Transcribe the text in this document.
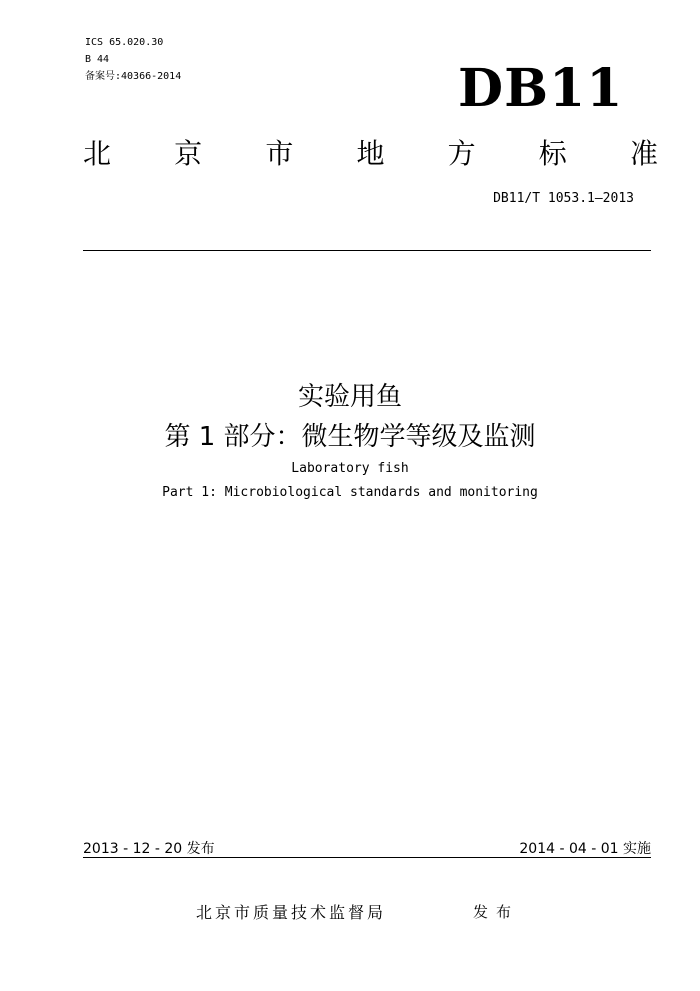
ICS 65.020.30
B 44
备案号:40366-2014	DB11
北 京 市 地 方 标 准
DB11/T 1053.1—2013
实验用鱼
第 1 部分：微生物学等级及监测
Laboratory fish
Part 1: Microbiological standards and monitoring
2013 - 12 - 20 发布	2014 - 04 - 01 实施
北京市质量技术监督局	发布
